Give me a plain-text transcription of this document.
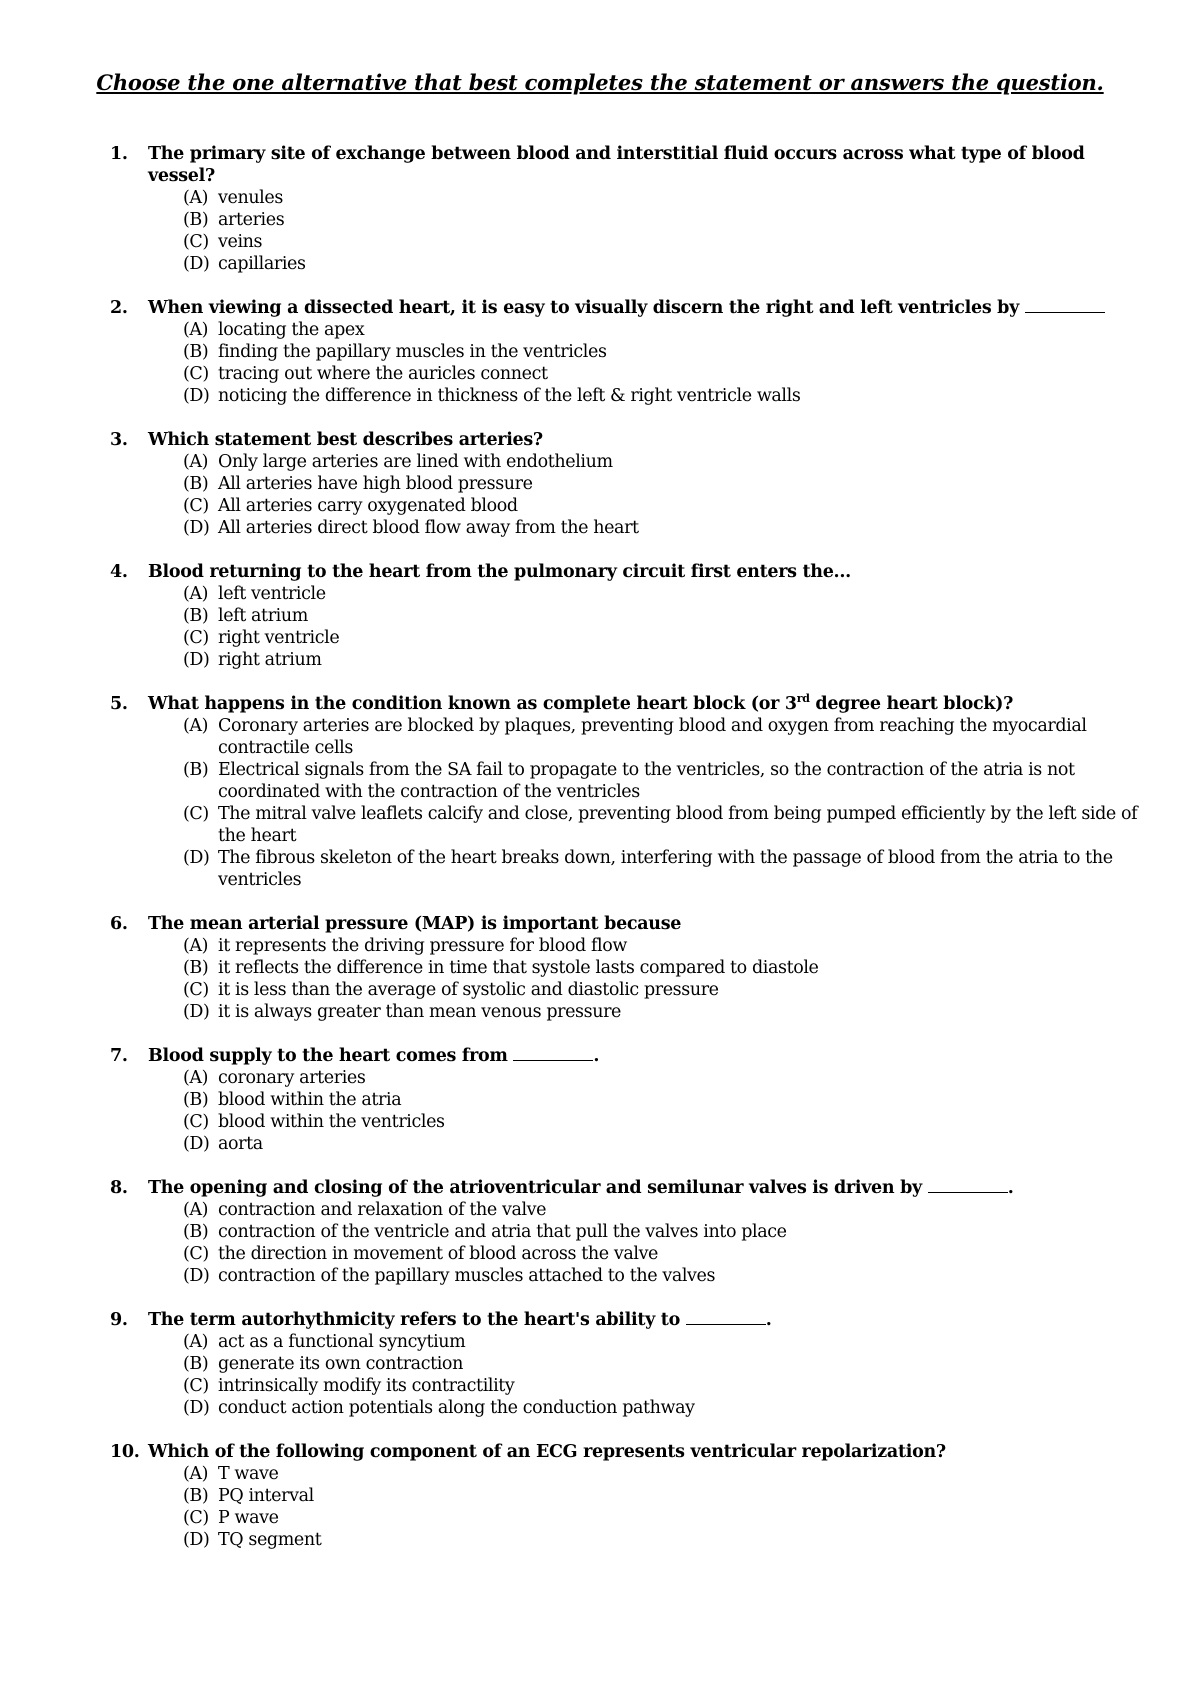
Choose the one alternative that best completes the statement or answers the question.
1.	The primary site of exchange between blood and interstitial fluid occurs across what type of blood vessel?
(A) venules
(B) arteries
(C) veins
(D) capillaries
2.	When viewing a dissected heart, it is easy to visually discern the right and left ventricles by
(A) locating the apex
(B) finding the papillary muscles in the ventricles
(C) tracing out where the auricles connect
(D) noticing the difference in thickness of the left & right ventricle walls
3.	Which statement best describes arteries?
(A) Only large arteries are lined with endothelium
(B) All arteries have high blood pressure
(C) All arteries carry oxygenated blood
(D) All arteries direct blood flow away from the heart
4.	Blood returning to the heart from the pulmonary circuit first enters the...
(A) left ventricle
(B) left atrium
(C) right ventricle
(D) right atrium
5.	What happens in the condition known as complete heart block (or 3rd degree heart block)?
(A) Coronary arteries are blocked by plaques, preventing blood and oxygen from reaching the myocardial contractile cells
(B) Electrical signals from the SA fail to propagate to the ventricles, so the contraction of the atria is not coordinated with the contraction of the ventricles
(C) The mitral valve leaflets calcify and close, preventing blood from being pumped efficiently by the left side of the heart
(D) The fibrous skeleton of the heart breaks down, interfering with the passage of blood from the atria to the ventricles
6.	The mean arterial pressure (MAP) is important because
(A) it represents the driving pressure for blood flow
(B) it reflects the difference in time that systole lasts compared to diastole
(C) it is less than the average of systolic and diastolic pressure
(D) it is always greater than mean venous pressure
7.	Blood supply to the heart comes from	.
(A) coronary arteries
(B) blood within the atria
(C) blood within the ventricles
(D) aorta
8.	The opening and closing of the atrioventricular and semilunar valves is driven by	.
(A) contraction and relaxation of the valve
(B) contraction of the ventricle and atria that pull the valves into place
(C) the direction in movement of blood across the valve
(D) contraction of the papillary muscles attached to the valves
9.	The term autorhythmicity refers to the heart's ability to	.
(A) act as a functional syncytium
(B) generate its own contraction
(C) intrinsically modify its contractility
(D) conduct action potentials along the conduction pathway
10. Which of the following component of an ECG represents ventricular repolarization?
(A) T wave
(B) PQ interval
(C) P wave
(D) TQ segment
